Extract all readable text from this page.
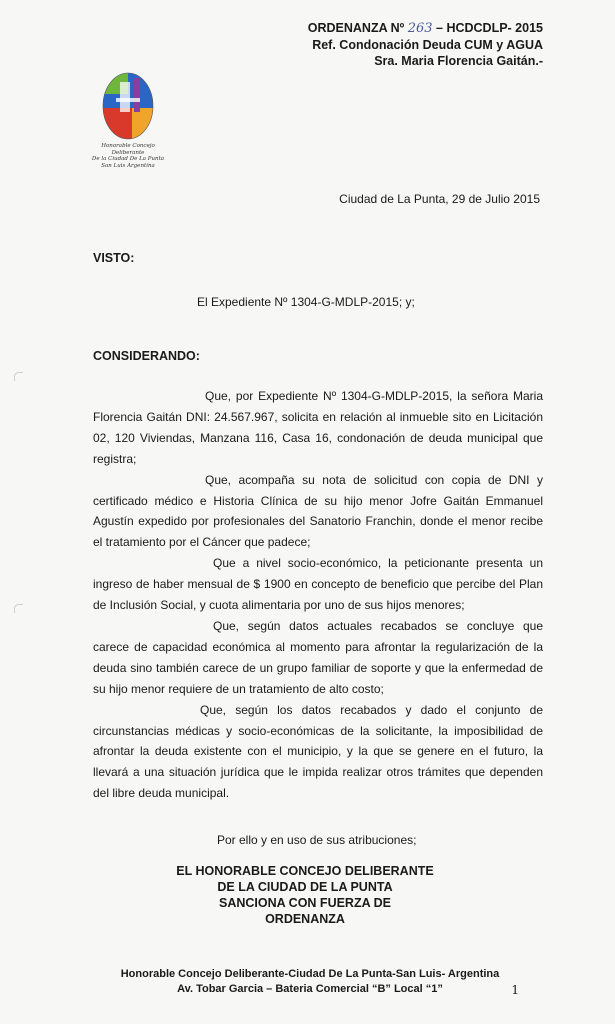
ORDENANZA Nº 263 – HCDCDLP- 2015
Ref. Condonación Deuda CUM y AGUA
Sra. Maria Florencia Gaitán.-
Honorable Concejo Deliberante
De la Ciudad De La Punta
San Luis Argentina
Ciudad de La Punta, 29 de Julio 2015
VISTO:
El Expediente Nº 1304-G-MDLP-2015; y;
CONSIDERANDO:

Que, por Expediente Nº 1304-G-MDLP-2015, la señora Maria Florencia Gaitán DNI: 24.567.967, solicita en relación al inmueble sito en Licitación 02, 120 Viviendas, Manzana 116, Casa 16, condonación de deuda municipal que registra;

Que, acompaña su nota de solicitud con copia de DNI y certificado médico e Historia Clínica de su hijo menor Jofre Gaitán Emmanuel Agustín expedido por profesionales del Sanatorio Franchin, donde el menor recibe el tratamiento por el Cáncer que padece;

Que a nivel socio-económico, la peticionante presenta un ingreso de haber mensual de $ 1900 en concepto de beneficio que percibe del Plan de Inclusión Social, y cuota alimentaria por uno de sus hijos menores;

Que, según datos actuales recabados se concluye que carece de capacidad económica al momento para afrontar la regularización de la deuda sino también carece de un grupo familiar de soporte y que la enfermedad de su hijo menor requiere de un tratamiento de alto costo;

Que, según los datos recabados y dado el conjunto de circunstancias médicas y socio-económicas de la solicitante, la imposibilidad de afrontar la deuda existente con el municipio, y la que se genere en el futuro, la llevará a una situación jurídica que le impida realizar otros trámites que dependen del libre deuda municipal.

Por ello y en uso de sus atribuciones;
EL HONORABLE CONCEJO DELIBERANTE
DE LA CIUDAD DE LA PUNTA
SANCIONA CON FUERZA DE
ORDENANZA
Honorable Concejo Deliberante-Ciudad De La Punta-San Luis- Argentina
Av. Tobar Garcia – Bateria Comercial “B” Local “1”	1
